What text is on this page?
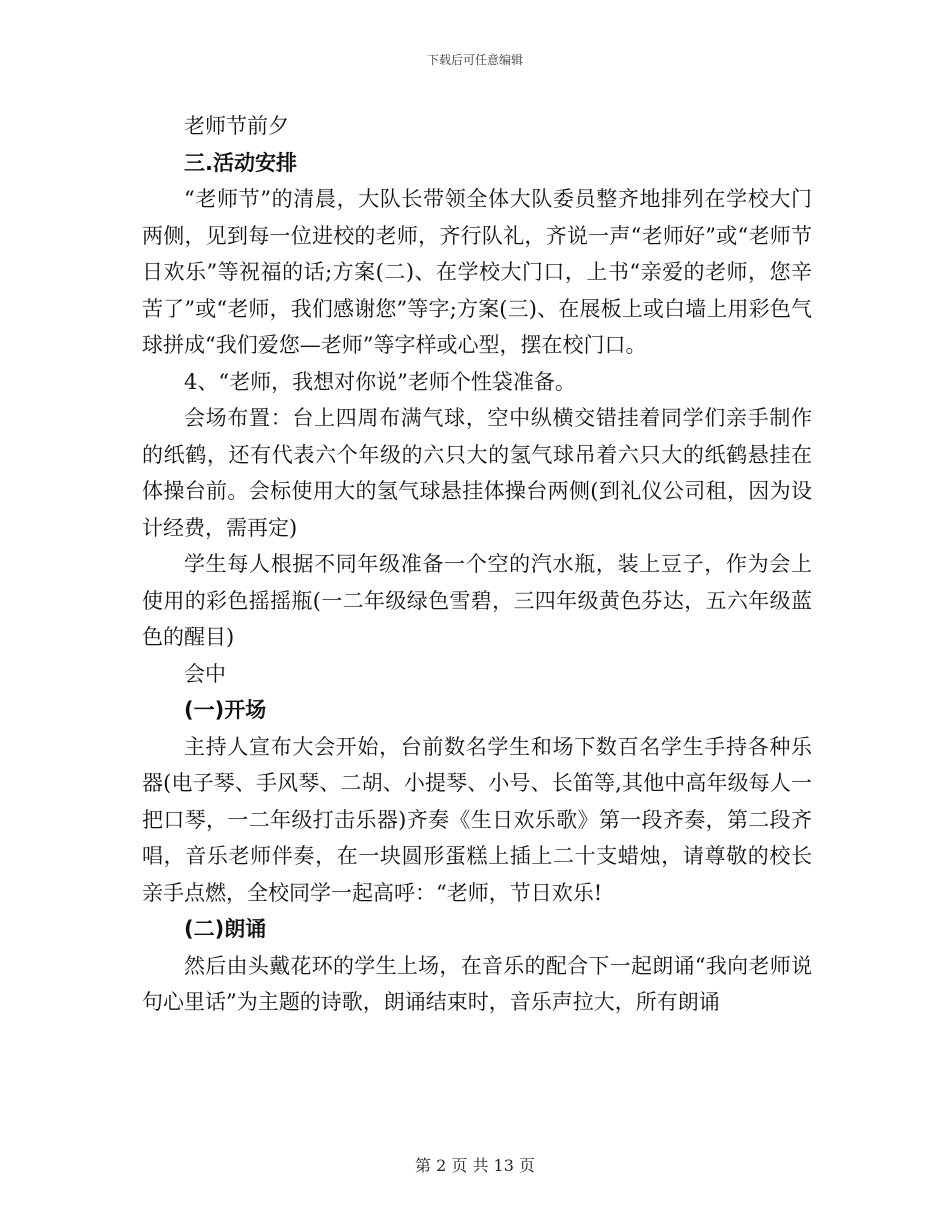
下载后可任意编辑

老师节前夕

三.活动安排

“老师节”的清晨，大队长带领全体大队委员整齐地排列在学校大门两侧，见到每一位进校的老师，齐行队礼，齐说一声“老师好”或“老师节日欢乐”等祝福的话;方案(二)、在学校大门口，上书“亲爱的老师，您辛苦了”或“老师，我们感谢您”等字;方案(三)、在展板上或白墙上用彩色气球拼成“我们爱您—老师”等字样或心型，摆在校门口。

4、“老师，我想对你说”老师个性袋准备。

会场布置：台上四周布满气球，空中纵横交错挂着同学们亲手制作的纸鹤，还有代表六个年级的六只大的氢气球吊着六只大的纸鹤悬挂在体操台前。会标使用大的氢气球悬挂体操台两侧(到礼仪公司租，因为设计经费，需再定)

学生每人根据不同年级准备一个空的汽水瓶，装上豆子，作为会上使用的彩色摇摇瓶(一二年级绿色雪碧，三四年级黄色芬达，五六年级蓝色的醒目)

会中

(一)开场

主持人宣布大会开始，台前数名学生和场下数百名学生手持各种乐器(电子琴、手风琴、二胡、小提琴、小号、长笛等,其他中高年级每人一把口琴，一二年级打击乐器)齐奏《生日欢乐歌》第一段齐奏，第二段齐唱，音乐老师伴奏，在一块圆形蛋糕上插上二十支蜡烛，请尊敬的校长亲手点燃，全校同学一起高呼：“老师，节日欢乐!

(二)朗诵

然后由头戴花环的学生上场，在音乐的配合下一起朗诵“我向老师说句心里话”为主题的诗歌，朗诵结束时，音乐声拉大，所有朗诵

第 2 页 共 13 页
